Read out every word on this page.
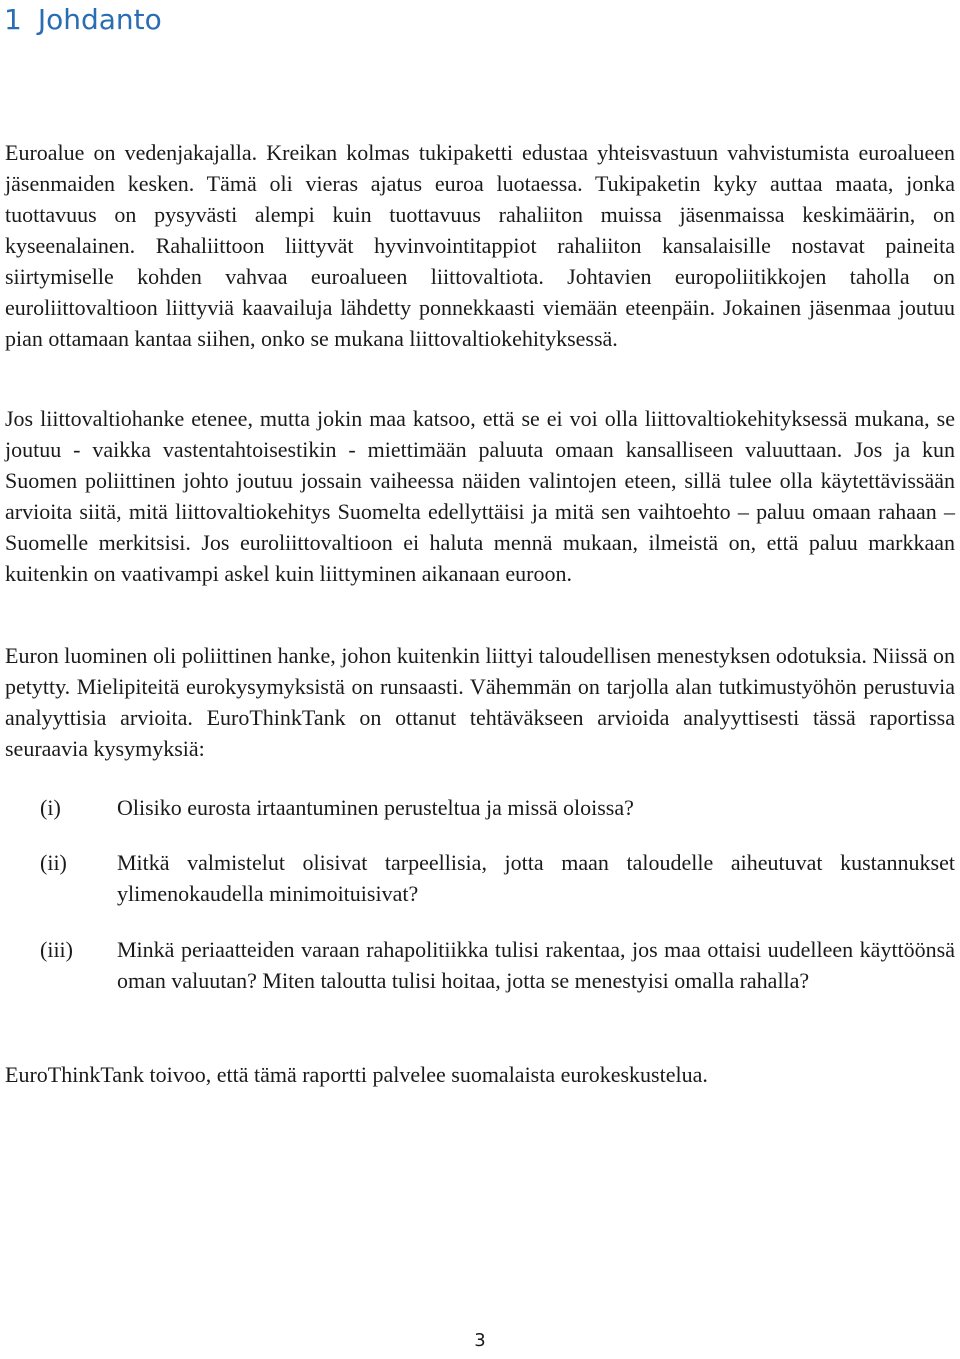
1 Johdanto

Euroalue on vedenjakajalla. Kreikan kolmas tukipaketti edustaa yhteisvastuun vahvistumista euroalueen jäsenmaiden kesken. Tämä oli vieras ajatus euroa luotaessa. Tukipaketin kyky auttaa maata, jonka tuottavuus on pysyvästi alempi kuin tuottavuus rahaliiton muissa jäsenmaissa keskimäärin, on kyseenalainen. Rahaliittoon liittyvät hyvinvointitappiot rahaliiton kansalaisille nostavat paineita siirtymiselle kohden vahvaa euroalueen liittovaltiota. Johtavien europoliitikkojen taholla on euroliittovaltioon liittyviä kaavailuja lähdetty ponnekkaasti viemään eteenpäin. Jokainen jäsenmaa joutuu pian ottamaan kantaa siihen, onko se mukana liittovaltiokehityksessä.

Jos liittovaltiohanke etenee, mutta jokin maa katsoo, että se ei voi olla liittovaltiokehityksessä mukana, se joutuu - vaikka vastentahtoisestikin - miettimään paluuta omaan kansalliseen valuuttaan. Jos ja kun Suomen poliittinen johto joutuu jossain vaiheessa näiden valintojen eteen, sillä tulee olla käytettävissään arvioita siitä, mitä liittovaltiokehitys Suomelta edellyttäisi ja mitä sen vaihtoehto – paluu omaan rahaan – Suomelle merkitsisi. Jos euroliittovaltioon ei haluta mennä mukaan, ilmeistä on, että paluu markkaan kuitenkin on vaativampi askel kuin liittyminen aikanaan euroon.

Euron luominen oli poliittinen hanke, johon kuitenkin liittyi taloudellisen menestyksen odotuksia. Niissä on petytty. Mielipiteitä eurokysymyksistä on runsaasti. Vähemmän on tarjolla alan tutkimustyöhön perustuvia analyyttisia arvioita. EuroThinkTank on ottanut tehtäväkseen arvioida analyyttisesti tässä raportissa seuraavia kysymyksiä:

(i)	Olisiko eurosta irtaantuminen perusteltua ja missä oloissa?
(ii) Mitkä valmistelut olisivat tarpeellisia, jotta maan taloudelle aiheutuvat kustannukset ylimenokaudella minimoituisivat?
(iii) Minkä periaatteiden varaan rahapolitiikka tulisi rakentaa, jos maa ottaisi uudelleen käyttöönsä oman valuutan? Miten taloutta tulisi hoitaa, jotta se menestyisi omalla rahalla?

EuroThinkTank toivoo, että tämä raportti palvelee suomalaista eurokeskustelua.

3
